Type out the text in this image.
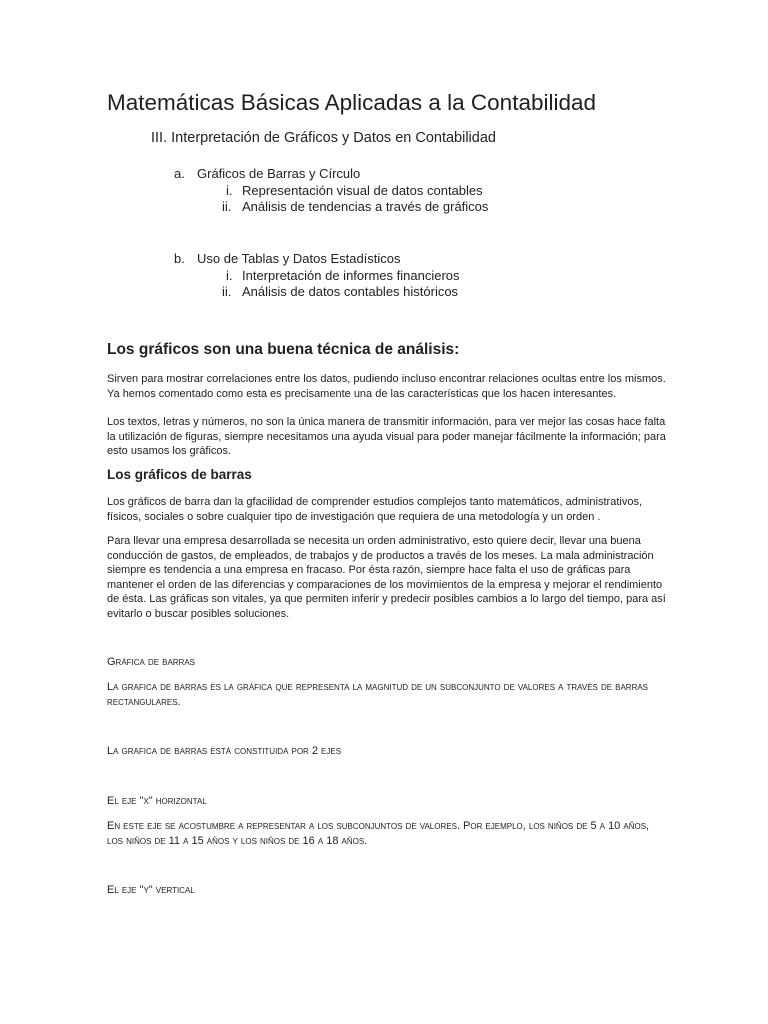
Matemáticas Básicas Aplicadas a la Contabilidad
III. Interpretación de Gráficos y Datos en Contabilidad
a. Gráficos de Barras y Círculo
i. Representación visual de datos contables
ii. Análisis de tendencias a través de gráficos
b. Uso de Tablas y Datos Estadísticos
i. Interpretación de informes financieros
ii. Análisis de datos contables históricos
Los gráficos son una buena técnica de análisis:
Sirven para mostrar correlaciones entre los datos, pudiendo incluso encontrar relaciones ocultas entre los mismos. Ya hemos comentado como esta es precisamente una de las características que los hacen interesantes.
Los textos, letras y números, no son la única manera de transmitir información, para ver mejor las cosas hace falta la utilización de figuras, siempre necesitamos una ayuda visual para poder manejar fácilmente la información; para esto usamos los gráficos.
Los gráficos de barras
Los gráficos de barra dan la gfacilidad de comprender estudios complejos tanto matemáticos, administrativos, físicos, sociales o sobre cualquier tipo de investigación que requiera de una metodología y un orden .
Para llevar una empresa desarrollada se necesita un orden administrativo, esto quiere decir, llevar una buena conducción de gastos, de empleados, de trabajos y de productos a través de los meses. La mala administración siempre es tendencia a una empresa en fracaso. Por ésta razón, siempre hace falta el uso de gráficas para mantener el orden de las diferencias y comparaciones de los movimientos de la empresa y mejorar el rendimiento de ésta. Las gráficas son vitales, ya que permiten inferir y predecir posibles cambios a lo largo del tiempo, para así evitarlo o buscar posibles soluciones.
Gráfica de barras
La grafica de barras es la gráfica que representa la magnitud de un subconjunto de valores a través de barras rectangulares.
La grafica de barras está constituida por 2 ejes
El eje "x" horizontal
En este eje se acostumbre a representar a los subconjuntos de valores. Por ejemplo, los niños de 5 a 10 años, los niños de 11 a 15 años y los niños de 16 a 18 años.
El eje "y" vertical
